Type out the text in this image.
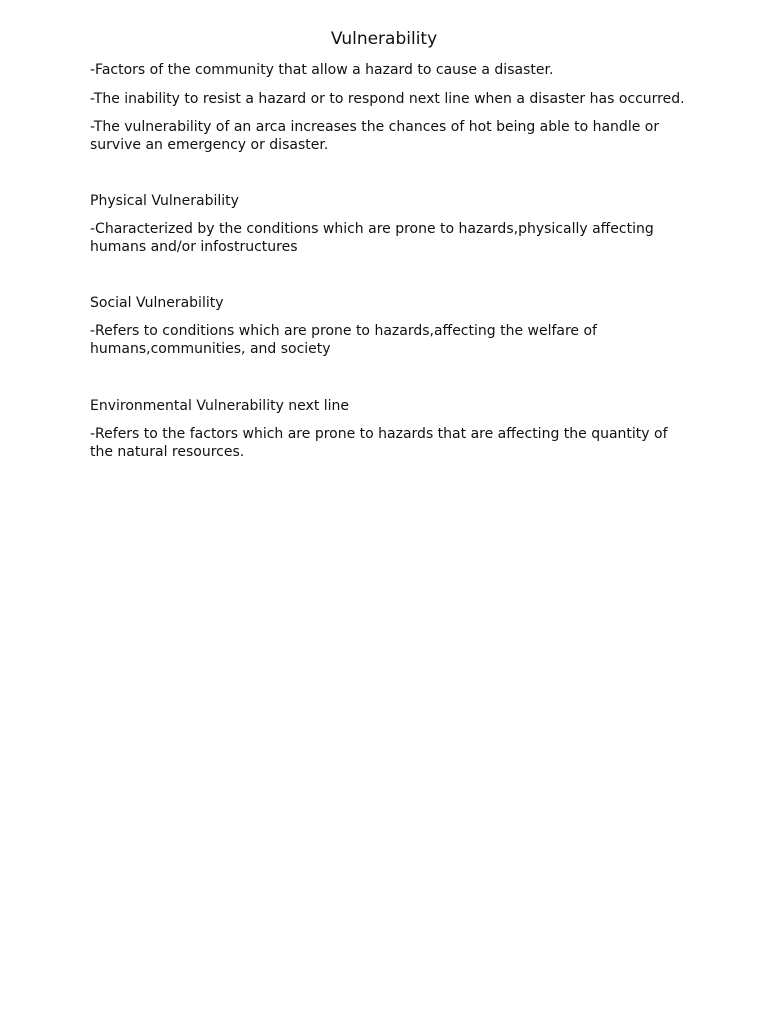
Vulnerability

-Factors of the community that allow a hazard to cause a disaster.

-The inability to resist a hazard or to respond next line when a disaster has occurred.

-The vulnerability of an arca increases the chances of hot being able to handle or
survive an emergency or disaster.

Physical Vulnerability

-Characterized by the conditions which are prone to hazards,physically affecting
humans and/or infostructures

Social Vulnerability

-Refers to conditions which are prone to hazards,affecting the welfare of
humans,communities, and society

Environmental Vulnerability next line

-Refers to the factors which are prone to hazards that are affecting the quantity of
the natural resources.
